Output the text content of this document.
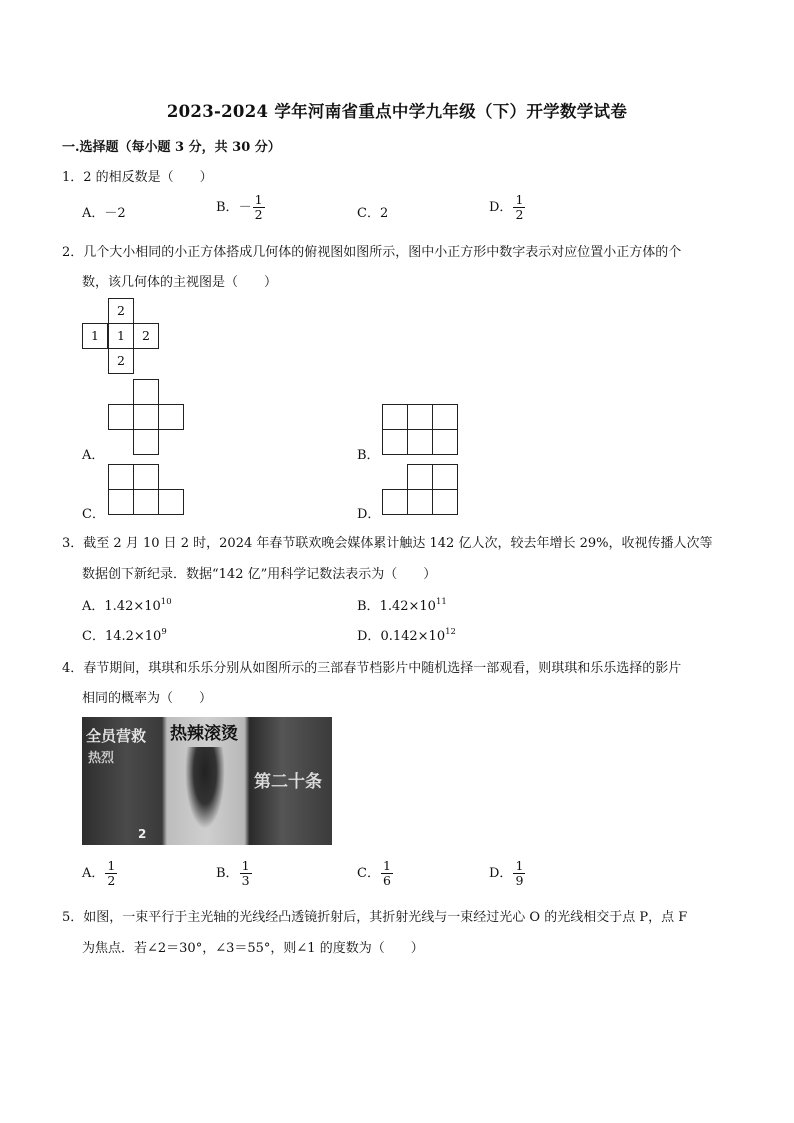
2023-2024 学年河南省重点中学九年级（下）开学数学试卷
一.选择题（每小题 3 分，共 30 分）
1．2 的相反数是（　　）
A．－2	B．－ $\frac{1}{2}$	C．2	D． $\frac{1}{2}$
2．几个大小相同的小正方体搭成几何体的俯视图如图所示，图中小正方形中数字表示对应位置小正方体的个
数，该几何体的主视图是（　　）
2
1	1	2
2
A．	B．
C．	D．
3．截至 2 月 10 日 2 时，2024 年春节联欢晚会媒体累计触达 142 亿人次，较去年增长 29%，收视传播人次等
数据创下新纪录．数据“142 亿”用科学记数法表示为（　　）
A．$1.42\times 10^{10}$	B．$1.42\times 10^{11}$
C．$14.2\times 10^9$	D．$0.142\times 10^{12}$
4．春节期间，琪琪和乐乐分别从如图所示的三部春节档影片中随机选择一部观看，则琪琪和乐乐选择的影片
相同的概率为（　　）
全员营救
热烈
热辣滚烫
第二十条
2
A． $\frac{1}{2}$	B． $\frac{1}{3}$	C． $\frac{1}{6}$	D． $\frac{1}{9}$
5．如图，一束平行于主光轴的光线经凸透镜折射后，其折射光线与一束经过光心 O 的光线相交于点 P，点 F
为焦点．若∠2＝30°，∠3＝55°，则∠1 的度数为（　　）
